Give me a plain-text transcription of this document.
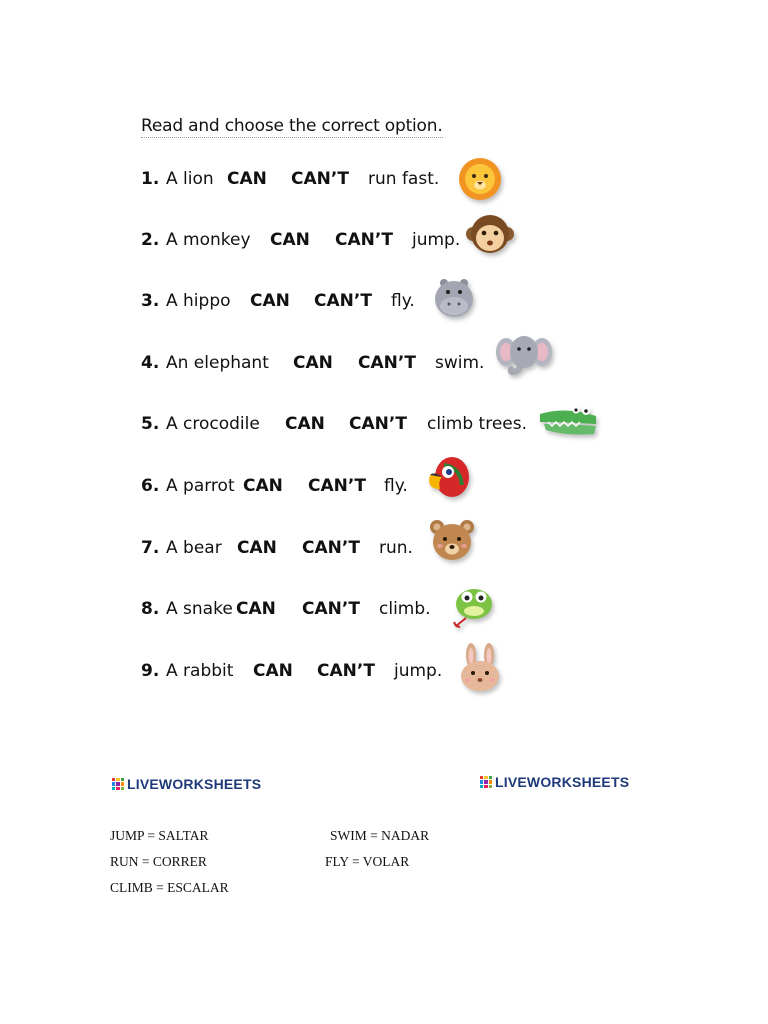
Read and choose the correct option.
1. A lion CAN CAN’T run fast.
2. A monkey CAN CAN’T jump.
3. A hippo CAN CAN’T fly.
4. An elephant CAN CAN’T swim.
5. A crocodile CAN CAN’T climb trees.
6. A parrot CAN CAN’T fly.
7. A bear CAN CAN’T run.
8. A snake CAN CAN’T climb.
9. A rabbit CAN CAN’T jump.
LIVEWORKSHEETS	LIVEWORKSHEETS
JUMP = SALTAR	SWIM = NADAR
RUN = CORRER	FLY = VOLAR
CLIMB = ESCALAR
